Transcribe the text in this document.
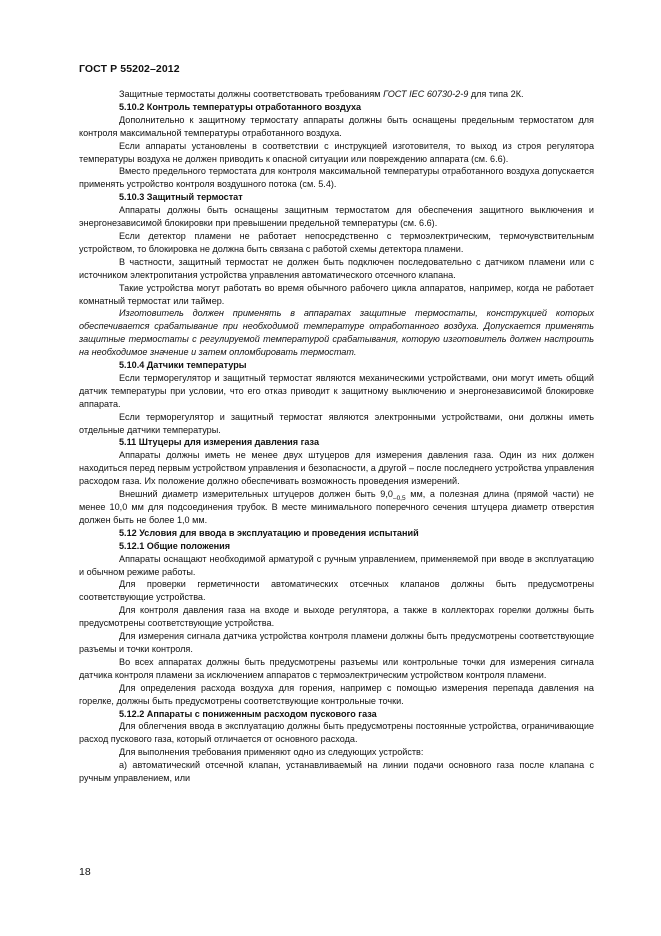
ГОСТ Р 55202–2012

Защитные термостаты должны соответствовать требованиям ГОСТ IEC 60730-2-9 для типа 2К.

5.10.2 Контроль температуры отработанного воздуха

Дополнительно к защитному термостату аппараты должны быть оснащены предельным термостатом для контроля максимальной температуры отработанного воздуха.

Если аппараты установлены в соответствии с инструкцией изготовителя, то выход из строя регулятора температуры воздуха не должен приводить к опасной ситуации или повреждению аппарата (см. 6.6).

Вместо предельного термостата для контроля максимальной температуры отработанного воздуха допускается применять устройство контроля воздушного потока (см. 5.4).

5.10.3 Защитный термостат

Аппараты должны быть оснащены защитным термостатом для обеспечения защитного выключения и энергонезависимой блокировки при превышении предельной температуры (см. 6.6).

Если детектор пламени не работает непосредственно с термоэлектрическим, термочувствительным устройством, то блокировка не должна быть связана с работой схемы детектора пламени.

В частности, защитный термостат не должен быть подключен последовательно с датчиком пламени или с источником электропитания устройства управления автоматического отсечного клапана.

Такие устройства могут работать во время обычного рабочего цикла аппаратов, например, когда не работает комнатный термостат или таймер.

Изготовитель должен применять в аппаратах защитные термостаты, конструкцией которых обеспечивается срабатывание при необходимой температуре отработанного воздуха. Допускается применять защитные термостаты с регулируемой температурой срабатывания, которую изготовитель должен настроить на необходимое значение и затем опломбировать термостат.

5.10.4 Датчики температуры

Если терморегулятор и защитный термостат являются механическими устройствами, они могут иметь общий датчик температуры при условии, что его отказ приводит к защитному выключению и энергонезависимой блокировке аппарата.

Если терморегулятор и защитный термостат являются электронными устройствами, они должны иметь отдельные датчики температуры.

5.11 Штуцеры для измерения давления газа

Аппараты должны иметь не менее двух штуцеров для измерения давления газа. Один из них должен находиться перед первым устройством управления и безопасности, а другой – после последнего устройства управления расходом газа. Их положение должно обеспечивать возможность проведения измерений.

Внешний диаметр измерительных штуцеров должен быть $9,0_{-0,5}$ мм, а полезная длина (прямой части) не менее 10,0 мм для подсоединения трубок. В месте минимального поперечного сечения штуцера диаметр отверстия должен быть не более 1,0 мм.

5.12 Условия для ввода в эксплуатацию и проведения испытаний

5.12.1 Общие положения

Аппараты оснащают необходимой арматурой с ручным управлением, применяемой при вводе в эксплуатацию и обычном режиме работы.

Для проверки герметичности автоматических отсечных клапанов должны быть предусмотрены соответствующие устройства.

Для контроля давления газа на входе и выходе регулятора, а также в коллекторах горелки должны быть предусмотрены соответствующие устройства.

Для измерения сигнала датчика устройства контроля пламени должны быть предусмотрены соответствующие разъемы и точки контроля.

Во всех аппаратах должны быть предусмотрены разъемы или контрольные точки для измерения сигнала датчика контроля пламени за исключением аппаратов с термоэлектрическим устройством контроля пламени.

Для определения расхода воздуха для горения, например с помощью измерения перепада давления на горелке, должны быть предусмотрены соответствующие контрольные точки.

5.12.2 Аппараты с пониженным расходом пускового газа

Для облегчения ввода в эксплуатацию должны быть предусмотрены постоянные устройства, ограничивающие расход пускового газа, который отличается от основного расхода.

Для выполнения требования применяют одно из следующих устройств:

а) автоматический отсечной клапан, устанавливаемый на линии подачи основного газа после клапана с ручным управлением, или

18
